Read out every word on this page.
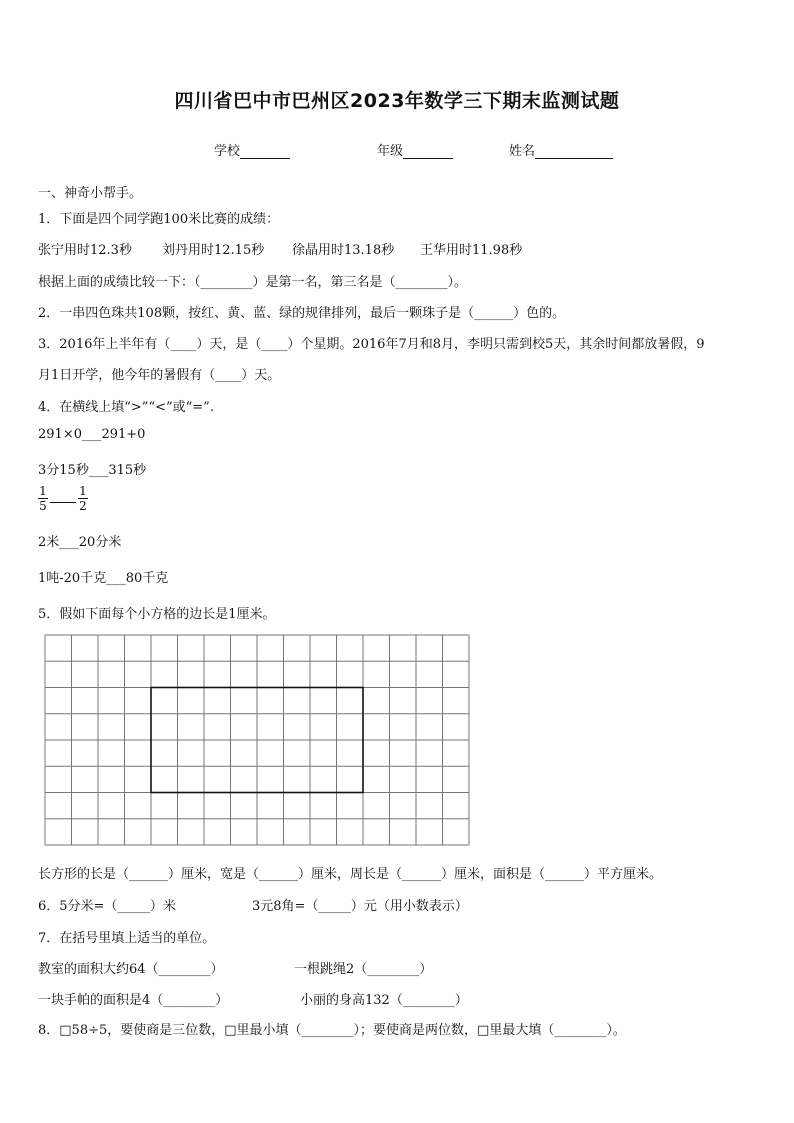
四川省巴中市巴州区2023年数学三下期末监测试题
学校	年级	姓名
一、神奇小帮手。
1．下面是四个同学跑100米比赛的成绩：
张宁用时12.3秒 刘丹用时12.15秒 徐晶用时13.18秒 王华用时11.98秒
根据上面的成绩比较一下：（________）是第一名，第三名是（________）。
2．一串四色珠共108颗，按红、黄、蓝、绿的规律排列，最后一颗珠子是（______）色的。
3．2016年上半年有（____）天，是（____）个星期。2016年7月和8月，李明只需到校5天，其余时间都放暑假，9
月1日开学，他今年的暑假有（____）天。
4．在横线上填“>”“<”或“=”.
291×0___291+0
3分15秒___315秒
1
5
1
2
2米___20分米
1吨-20千克___80千克
5．假如下面每个小方格的边长是1厘米。
长方形的长是（______）厘米，宽是（______）厘米，周长是（______）厘米，面积是（______）平方厘米。
6．5分米=（_____）米	3元8角=（_____）元（用小数表示）
7．在括号里填上适当的单位。
教室的面积大约64（________）	一根跳绳2（________）
一块手帕的面积是4（________）	小丽的身高132（________）
8．□58÷5，要使商是三位数，□里最小填（________）；要使商是两位数，□里最大填（________）。
